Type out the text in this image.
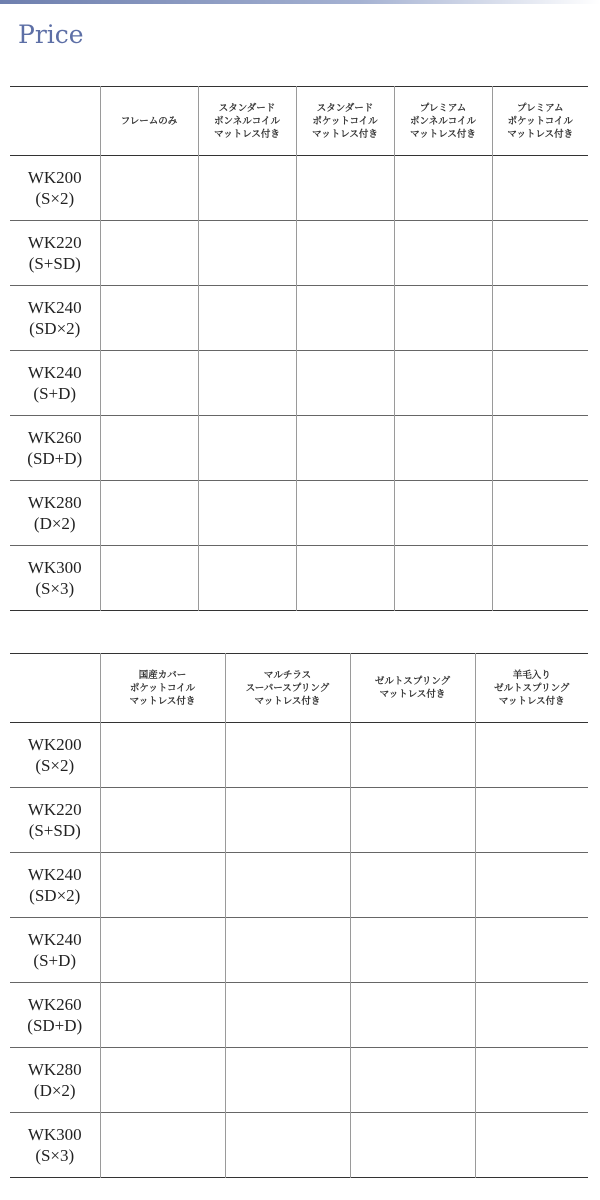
Price
	フレームのみ	スタンダード
ボンネルコイル
マットレス付き	スタンダード
ポケットコイル
マットレス付き	プレミアム
ボンネルコイル
マットレス付き	プレミアム
ポケットコイル
マットレス付き
WK200
(S×2)					
WK220
(S+SD)					
WK240
(SD×2)					
WK240
(S+D)					
WK260
(SD+D)					
WK280
(D×2)					
WK300
(S×3)					
	国産カバー
ポケットコイル
マットレス付き	マルチラス
スーパースプリング
マットレス付き	ゼルトスプリング
マットレス付き	羊毛入り
ゼルトスプリング
マットレス付き
WK200
(S×2)				
WK220
(S+SD)				
WK240
(SD×2)				
WK240
(S+D)				
WK260
(SD+D)				
WK280
(D×2)				
WK300
(S×3)				
